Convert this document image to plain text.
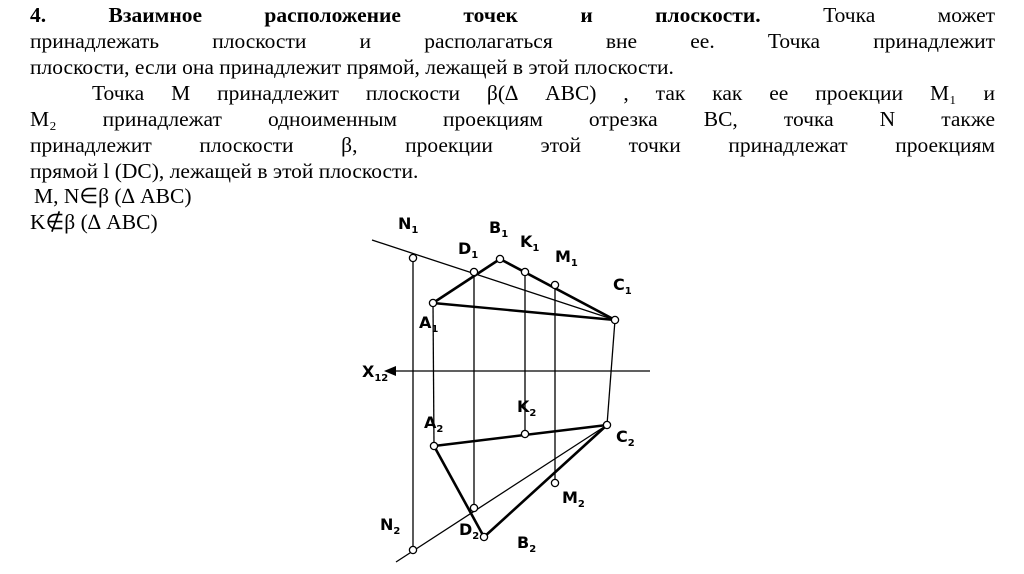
4. Взаимное расположение точек и плоскости. Точка может
принадлежать плоскости и располагаться вне ее. Точка принадлежит
плоскости, если она принадлежит прямой, лежащей в этой плоскости.
Точка М принадлежит плоскости β(∆ ABC) , так как ее проекции М₁ и
М₂ принадлежат одноименным проекциям отрезка ВС, точка N также
принадлежит плоскости β, проекции этой точки принадлежат проекциям
прямой l (DC), лежащей в этой плоскости.
M, N∈β (∆ ABC)
K∉β (∆ ABC)	$N_1$
$D_1$
$B_1$ $K_1$ $M_1$
$C_1$
$A_1$
$X_{12}$
$A_2$
$K_2$
$C_2$
$M_2$
$N_2$	$D_2$ $B_2$
